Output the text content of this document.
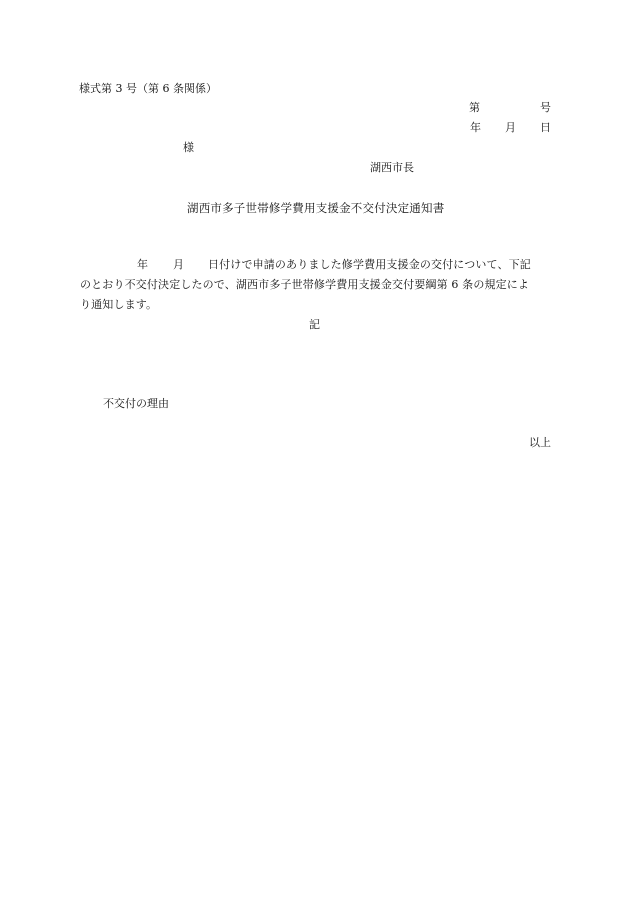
様式第 3 号（第 6 条関係）
第	号
年 月 日
様
湖西市長
湖西市多子世帯修学費用支援金不交付決定通知書
年 月 日付けで申請のありました修学費用支援金の交付について、下記
のとおり不交付決定したので、湖西市多子世帯修学費用支援金交付要綱第 6 条の規定によ
り通知します。
記
不交付の理由
以上
